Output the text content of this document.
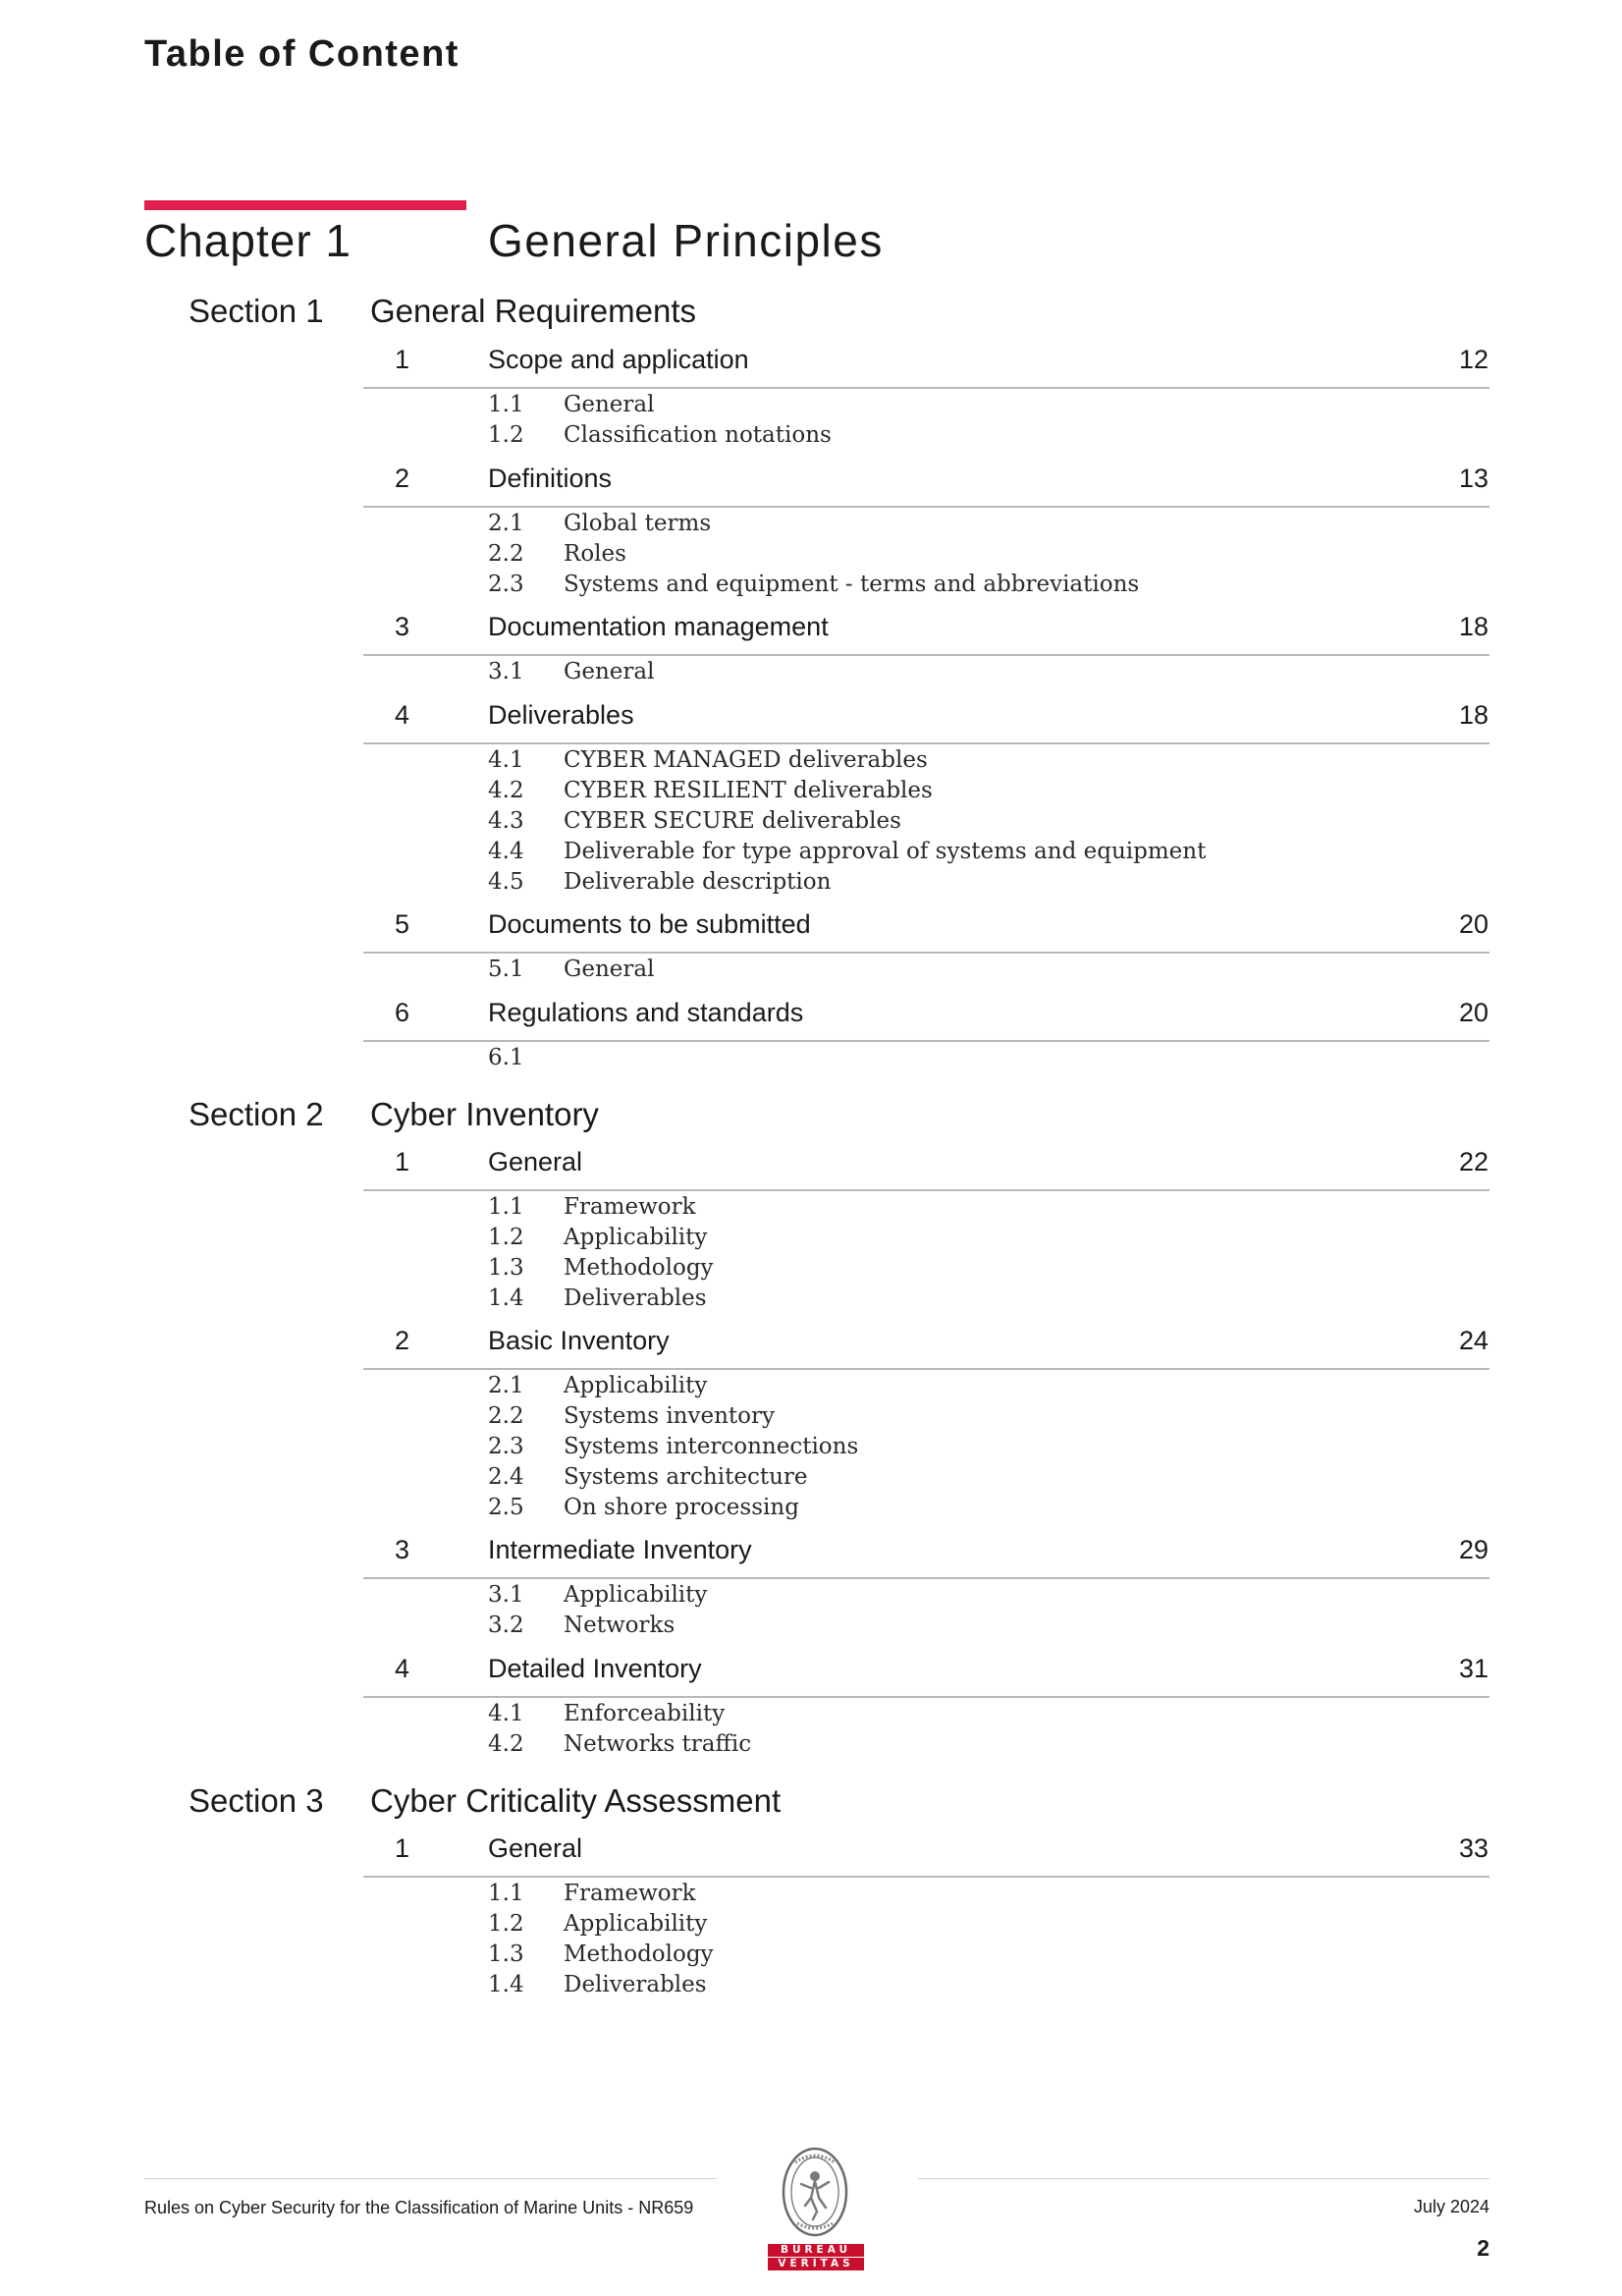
Table of Content
Chapter 1	General Principles
Section 1 General Requirements
1	Scope and application	12
1.1 General
1.2 Classification notations
2	Definitions	13
2.1 Global terms
2.2 Roles
2.3 Systems and equipment - terms and abbreviations
3	Documentation management	18
3.1 General
4	Deliverables	18
4.1 CYBER MANAGED deliverables
4.2 CYBER RESILIENT deliverables
4.3 CYBER SECURE deliverables
4.4 Deliverable for type approval of systems and equipment
4.5 Deliverable description
5	Documents to be submitted	20
5.1 General
6	Regulations and standards	20
6.1
Section 2 Cyber Inventory
1	General	22
1.1 Framework
1.2 Applicability
1.3 Methodology
1.4 Deliverables
2	Basic Inventory	24
2.1 Applicability
2.2 Systems inventory
2.3 Systems interconnections
2.4 Systems architecture
2.5 On shore processing
3	Intermediate Inventory	29
3.1 Applicability
3.2 Networks
4	Detailed Inventory	31
4.1 Enforceability
4.2 Networks traffic
Section 3 Cyber Criticality Assessment
1	General	33
1.1 Framework
1.2 Applicability
1.3 Methodology
1.4 Deliverables
Rules on Cyber Security for the Classification of Marine Units - NR659	July 2024
2
BUREAU
VERITAS
